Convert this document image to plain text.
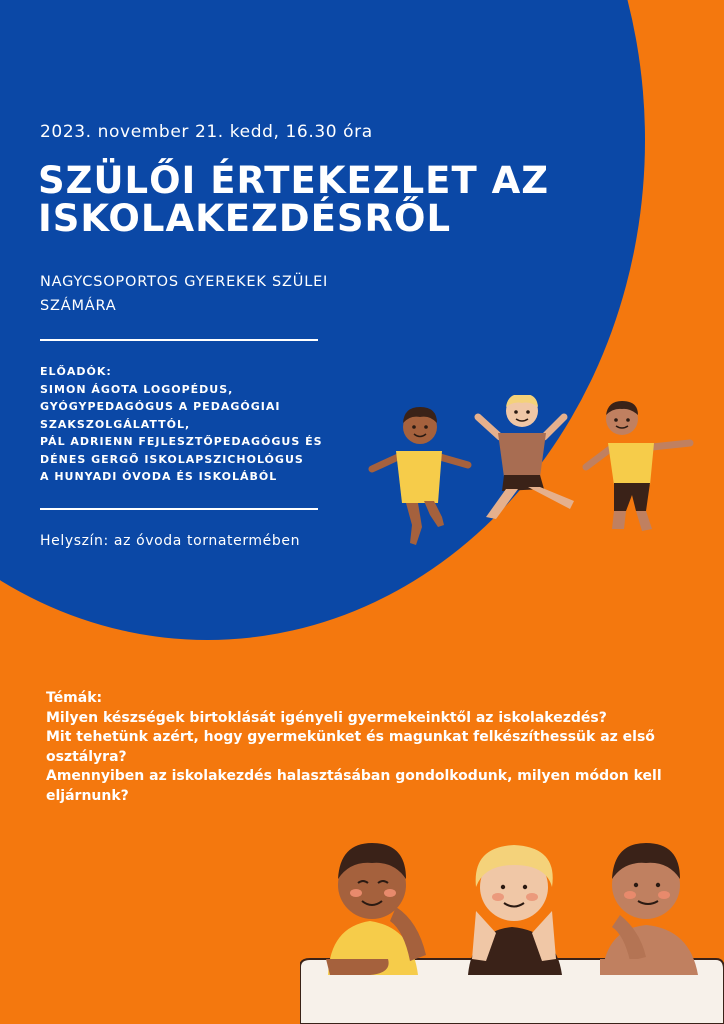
2023. november 21. kedd, 16.30 óra

SZÜLŐI ÉRTEKEZLET AZ
ISKOLAKEZDÉSRŐL

NAGYCSOPORTOS GYEREKEK SZÜLEI
SZÁMÁRA

ELŐADÓK:
SIMON ÁGOTA LOGOPÉDUS,
GYÓGYPEDAGÓGUS A PEDAGÓGIAI
SZAKSZOLGÁLATTÓL,
PÁL ADRIENN FEJLESZTŐPEDAGÓGUS ÉS
DÉNES GERGŐ ISKOLAPSZICHOLÓGUS
A HUNYADI ÓVODA ÉS ISKOLÁBÓL

Helyszín: az óvoda tornatermében

Témák:
Milyen készségek birtoklását igényeli gyermekeinktől az iskolakezdés?
Mit tehetünk azért, hogy gyermekünket és magunkat felkészíthessük az első osztályra?
Amennyiben az iskolakezdés halasztásában gondolkodunk, milyen módon kell eljárnunk?
